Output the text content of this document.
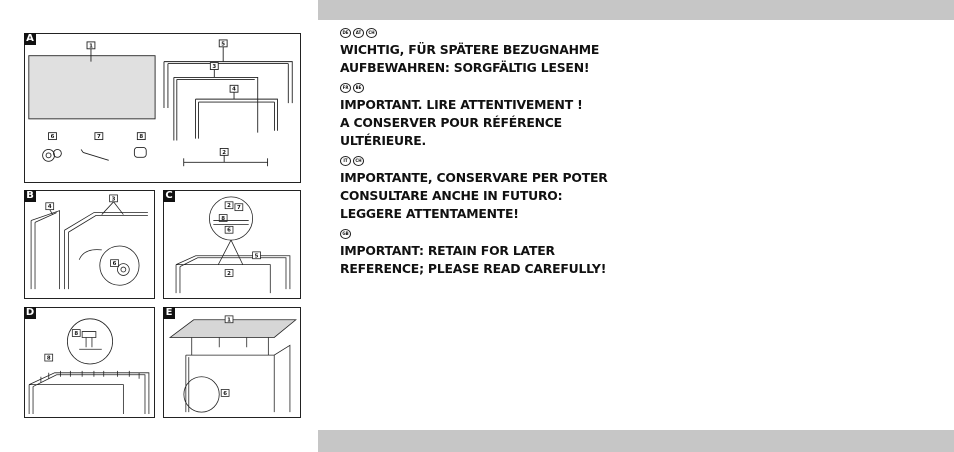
A
1	5
3
4
6	7	8
2
B
4
3
6
C
2 7
8
6
5
2
D
8
8
E
1
6
DE	AT	CH
WICHTIG, FÜR SPÄTERE BEZUGNAHME
AUFBEWAHREN: SORGFÄLTIG LESEN!
FR	BE
IMPORTANT. LIRE ATTENTIVEMENT !
A CONSERVER POUR RÉFÉRENCE
ULTÉRIEURE.
IT	CH
IMPORTANTE, CONSERVARE PER POTER
CONSULTARE ANCHE IN FUTURO:
LEGGERE ATTENTAMENTE!
GB
IMPORTANT: RETAIN FOR LATER
REFERENCE; PLEASE READ CAREFULLY!
